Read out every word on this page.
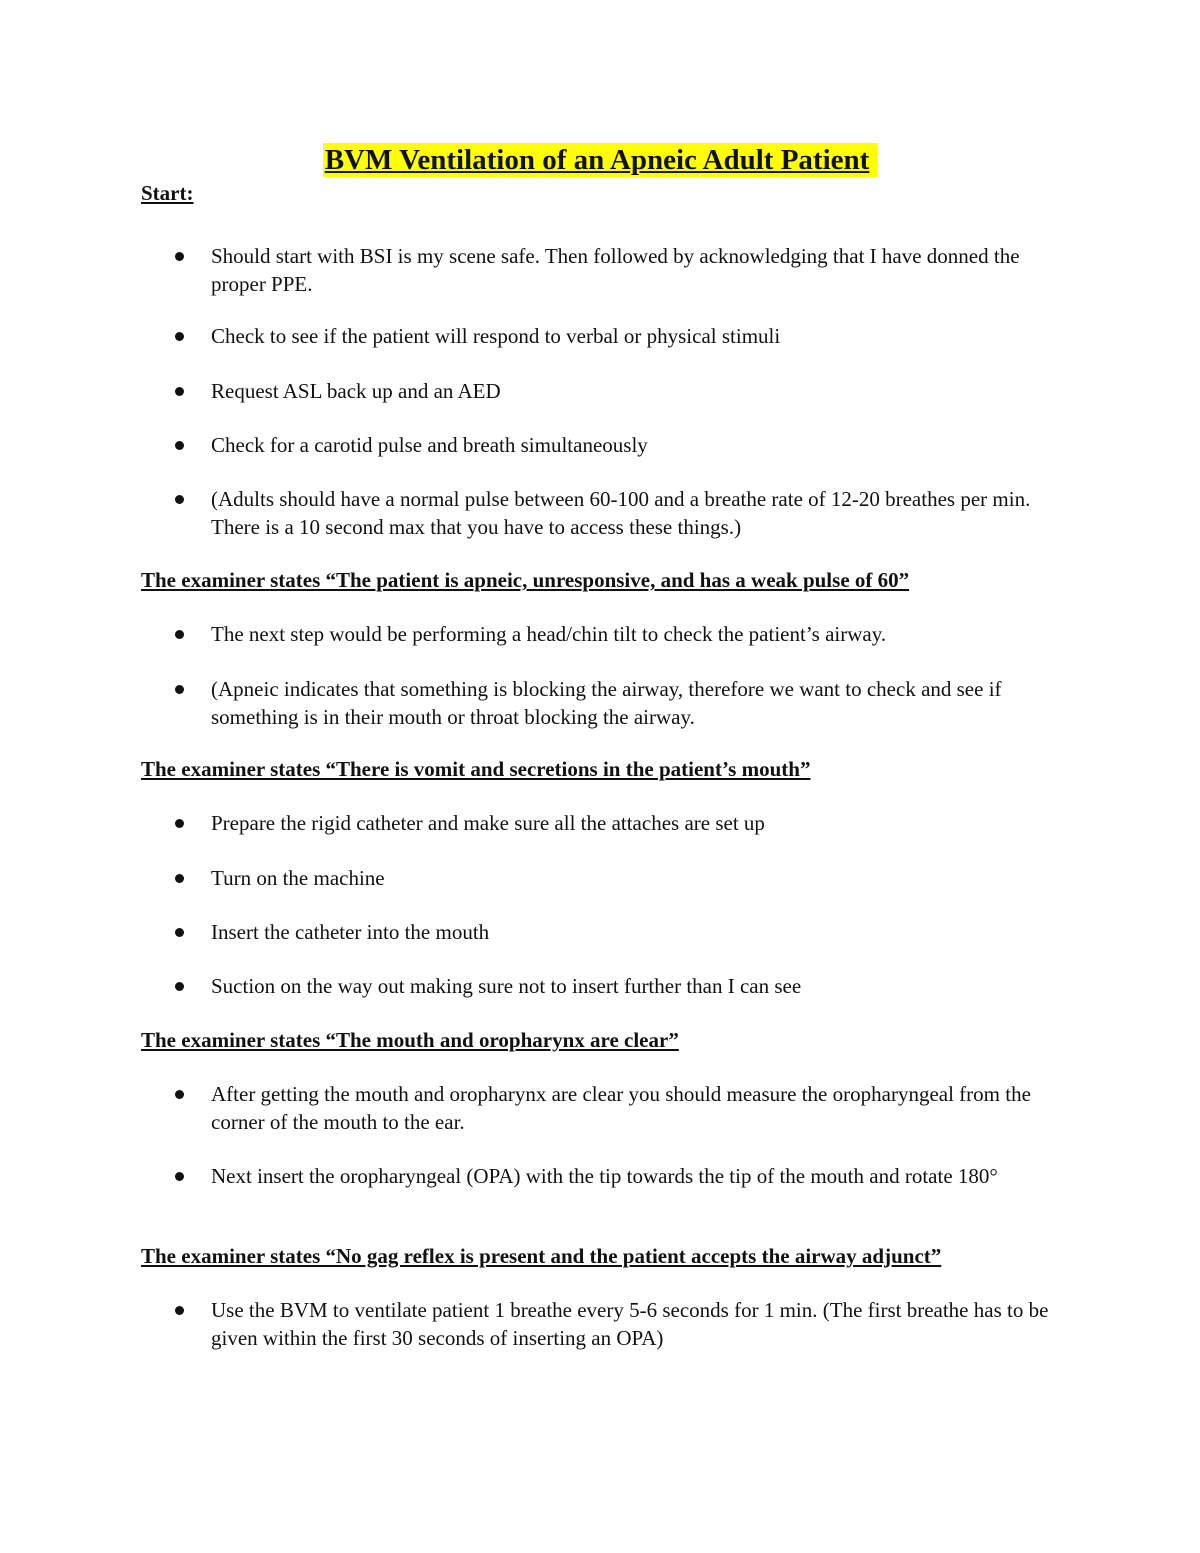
BVM Ventilation of an Apneic Adult Patient
Start:
Should start with BSI is my scene safe. Then followed by acknowledging that I have donned the proper PPE.
Check to see if the patient will respond to verbal or physical stimuli
Request ASL back up and an AED
Check for a carotid pulse and breath simultaneously
(Adults should have a normal pulse between 60-100 and a breathe rate of 12-20 breathes per min. There is a 10 second max that you have to access these things.)
The examiner states “The patient is apneic, unresponsive, and has a weak pulse of 60”
The next step would be performing a head/chin tilt to check the patient’s airway.
(Apneic indicates that something is blocking the airway, therefore we want to check and see if something is in their mouth or throat blocking the airway.
The examiner states “There is vomit and secretions in the patient’s mouth”
Prepare the rigid catheter and make sure all the attaches are set up
Turn on the machine
Insert the catheter into the mouth
Suction on the way out making sure not to insert further than I can see
The examiner states “The mouth and oropharynx are clear”
After getting the mouth and oropharynx are clear you should measure the oropharyngeal from the corner of the mouth to the ear.
Next insert the oropharyngeal (OPA) with the tip towards the tip of the mouth and rotate 180°
The examiner states “No gag reflex is present and the patient accepts the airway adjunct”
Use the BVM to ventilate patient 1 breathe every 5-6 seconds for 1 min. (The first breathe has to be given within the first 30 seconds of inserting an OPA)
